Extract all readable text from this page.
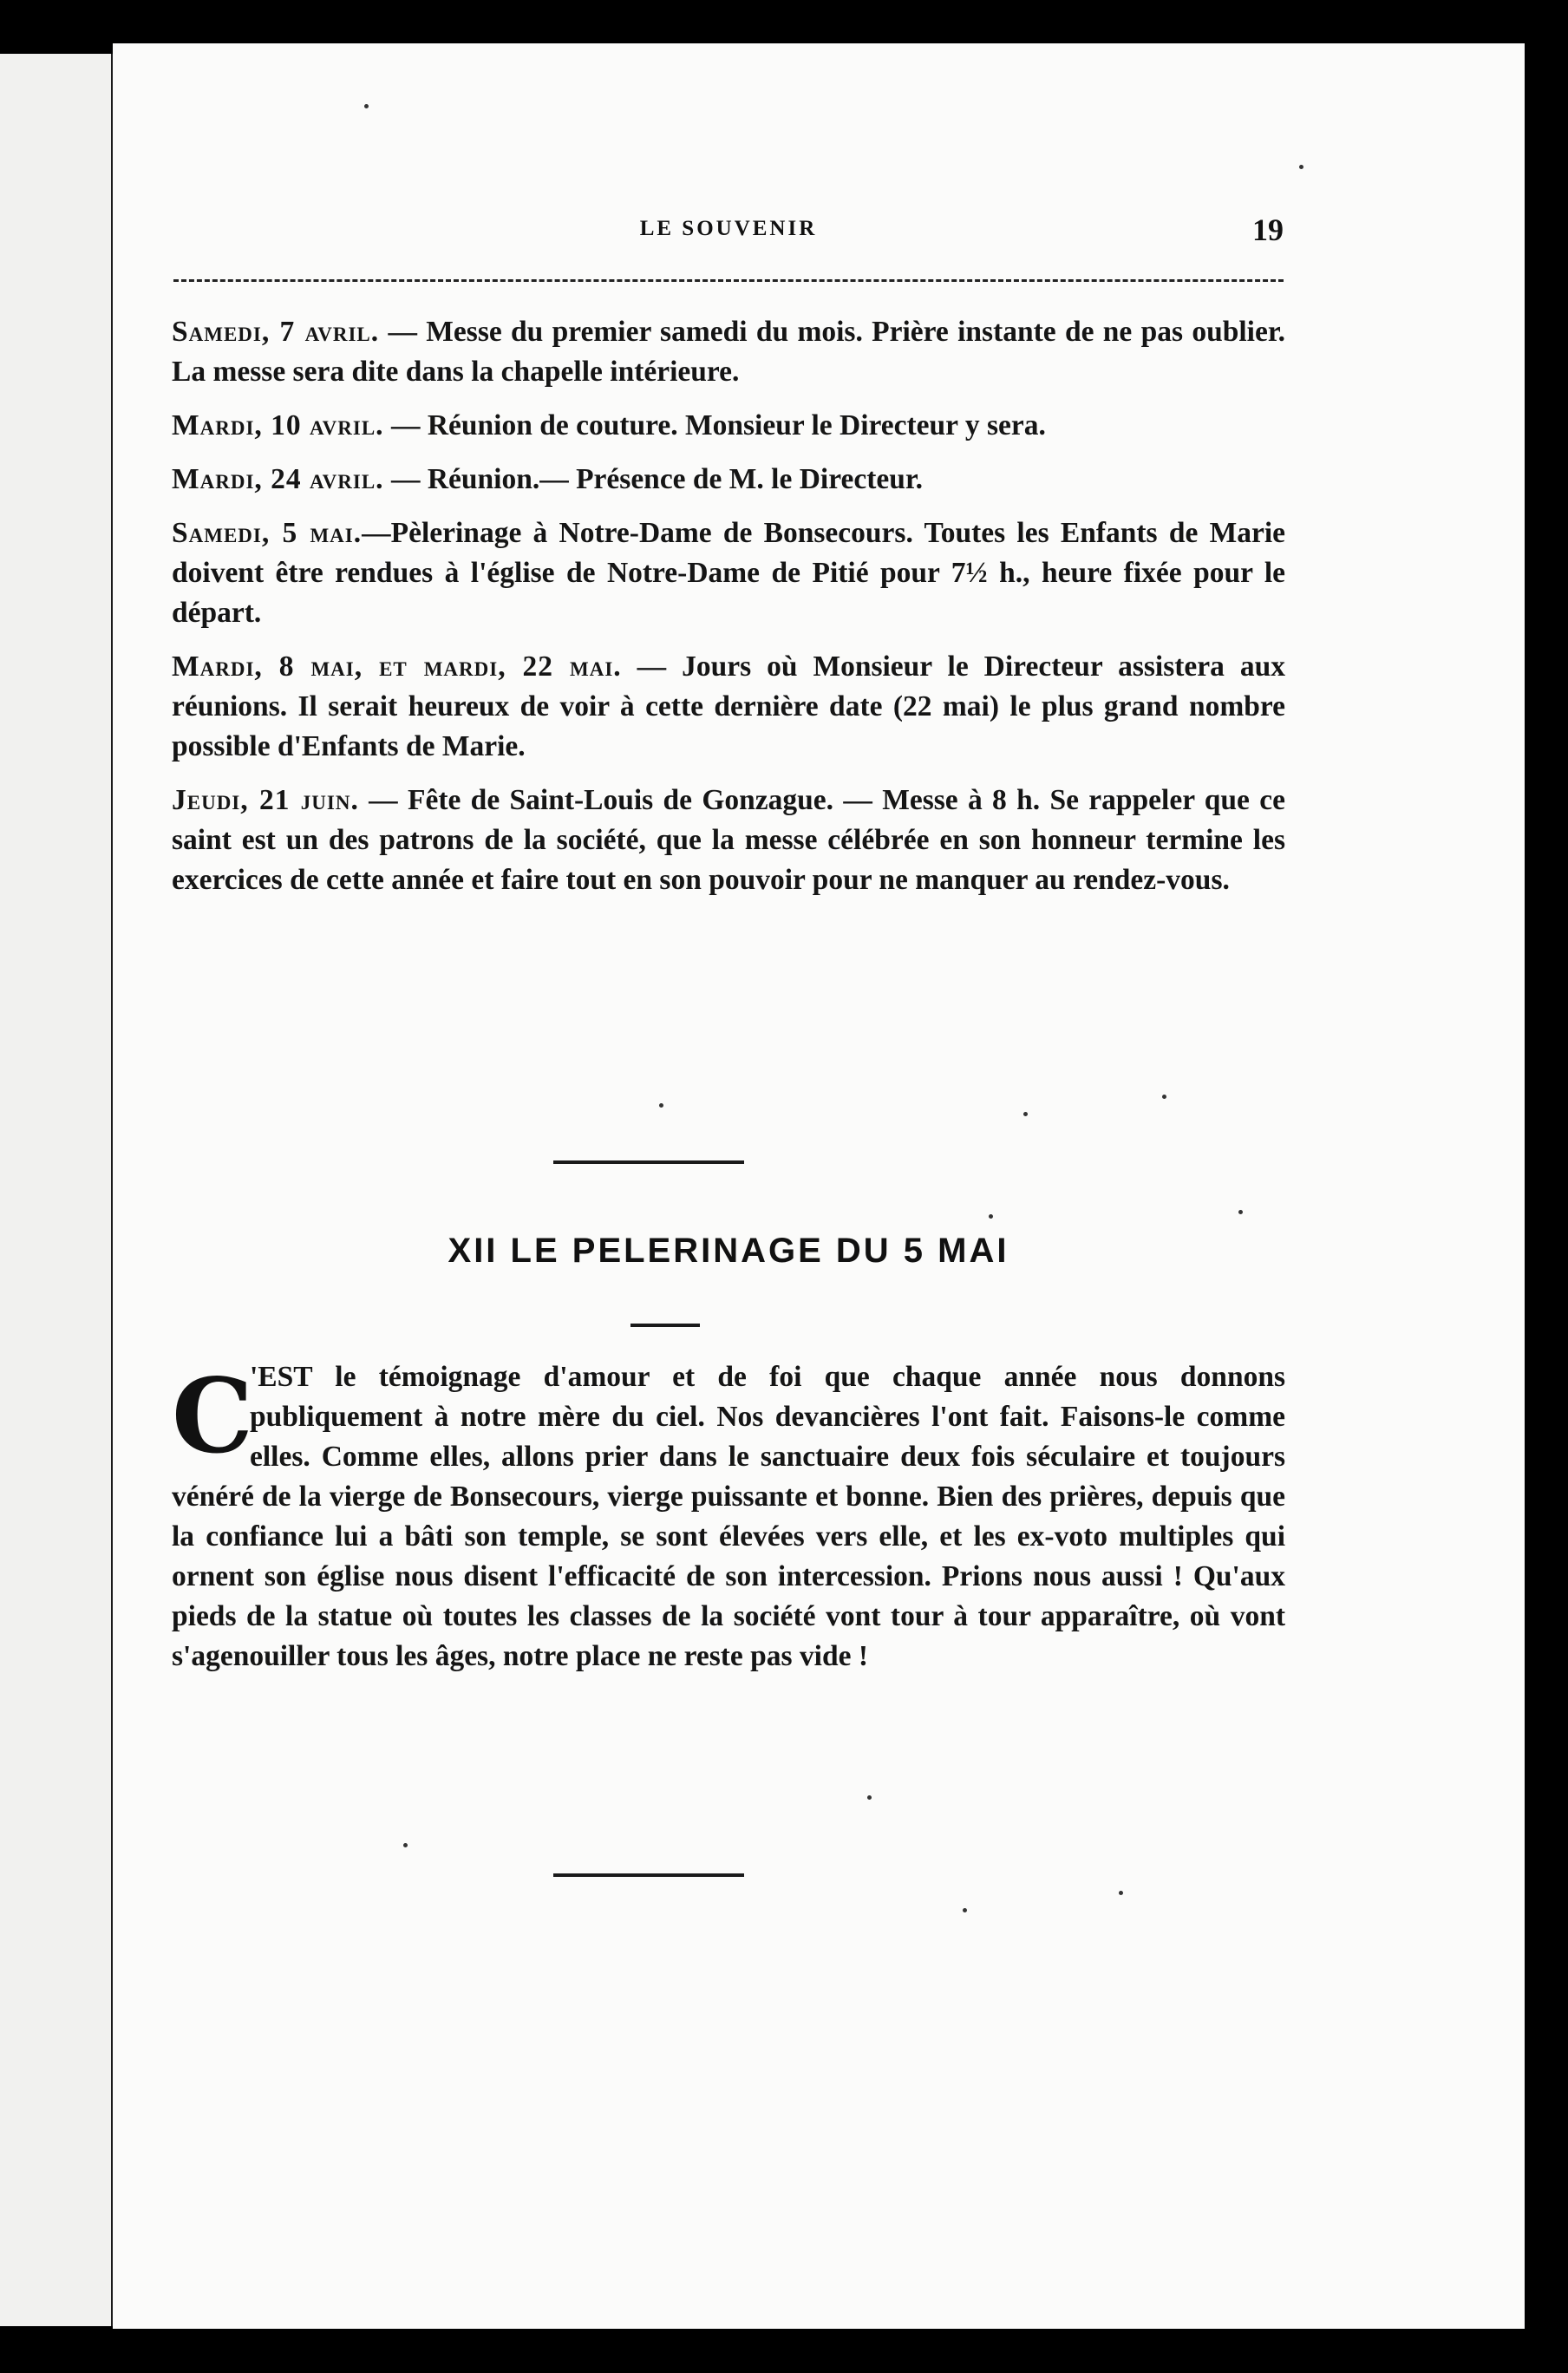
LE SOUVENIR	19

Samedi, 7 avril. — Messe du premier samedi du mois. Prière instante de ne pas oublier. La messe sera dite dans la chapelle intérieure.

Mardi, 10 avril. — Réunion de couture. Monsieur le Directeur y sera.

Mardi, 24 avril. — Réunion.— Présence de M. le Directeur.

Samedi, 5 mai.—Pèlerinage à Notre-Dame de Bonsecours. Toutes les Enfants de Marie doivent être rendues à l'église de Notre-Dame de Pitié pour 7½ h., heure fixée pour le départ.

Mardi, 8 mai, et mardi, 22 mai. — Jours où Monsieur le Directeur assistera aux réunions. Il serait heureux de voir à cette dernière date (22 mai) le plus grand nombre possible d'Enfants de Marie.

Jeudi, 21 juin. — Fête de Saint-Louis de Gonzague. — Messe à 8 h. Se rappeler que ce saint est un des patrons de la société, que la messe célébrée en son honneur termine les exercices de cette année et faire tout en son pouvoir pour ne manquer au rendez-vous.

XII LE PELERINAGE DU 5 MAI
C
'EST le témoignage d'amour et de foi que chaque année nous donnons publiquement à notre mère du ciel. Nos devancières l'ont fait. Faisons-le comme elles. Comme elles, allons prier dans le sanctuaire deux fois séculaire et toujours vénéré de la vierge de Bonsecours, vierge puissante et bonne. Bien des prières, depuis que la confiance lui a bâti son temple, se sont élevées vers elle, et les ex-voto multiples qui ornent son église nous disent l'efficacité de son intercession. Prions nous aussi ! Qu'aux pieds de la statue où toutes les classes de la société vont tour à tour apparaître, où vont s'agenouiller tous les âges, notre place ne reste pas vide !
